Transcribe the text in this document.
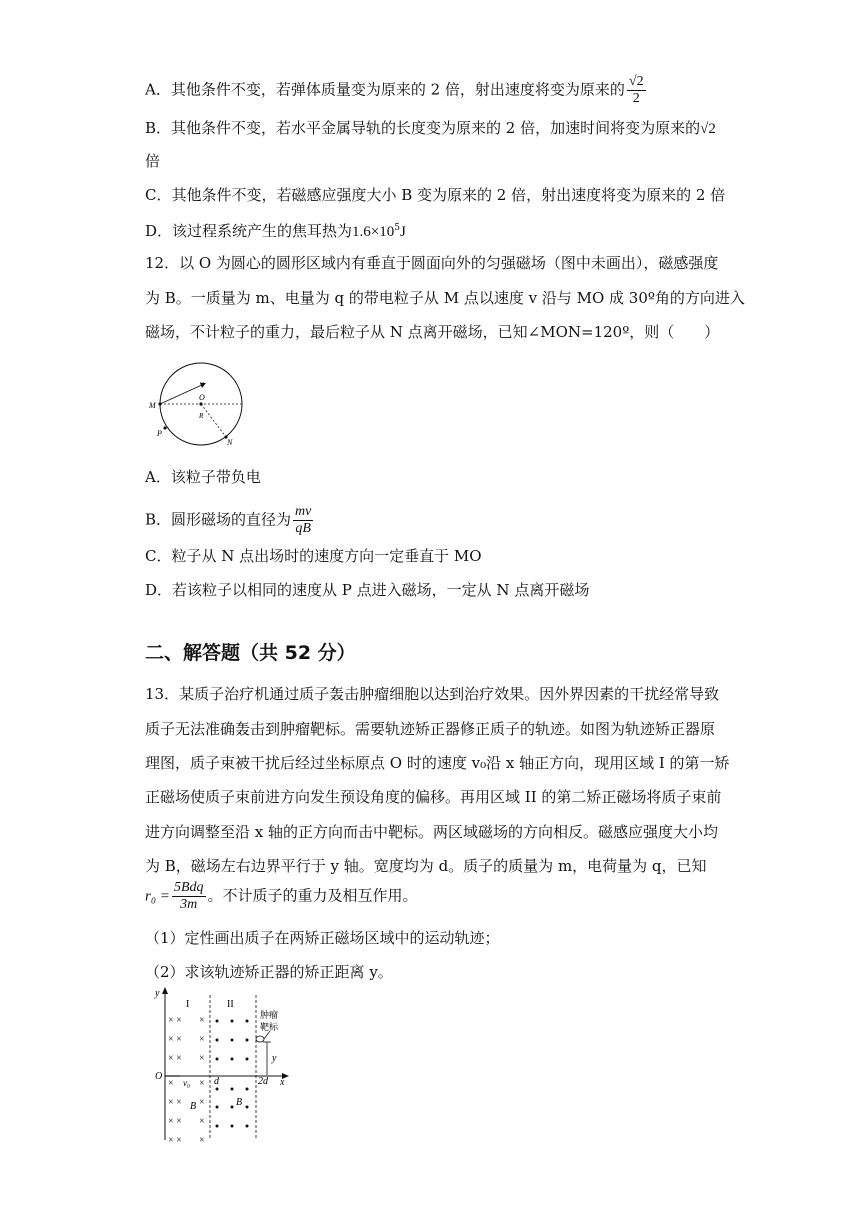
A．其他条件不变，若弹体质量变为原来的 2 倍，射出速度将变为原来的 $\frac{√2}{2}$
B．其他条件不变，若水平金属导轨的长度变为原来的 2 倍，加速时间将变为原来的√2
倍
C．其他条件不变，若磁感应强度大小 B 变为原来的 2 倍，射出速度将变为原来的 2 倍
D．该过程系统产生的焦耳热为$1.6\times 10^5J$
12．以 O 为圆心的圆形区域内有垂直于圆面向外的匀强磁场（图中未画出），磁感强度
为 B。一质量为 m、电量为 q 的带电粒子从 M 点以速度 v 沿与 MO 成 30º角的方向进入
磁场，不计粒子的重力，最后粒子从 N 点离开磁场，已知∠MON=120º，则（　　）
M
O
v
R
P
N
A．该粒子带负电
B．圆形磁场的直径为 $\frac{mv}{qB}$
C．粒子从 N 点出场时的速度方向一定垂直于 MO
D．若该粒子以相同的速度从 P 点进入磁场，一定从 N 点离开磁场
二、解答题（共 52 分）
13．某质子治疗机通过质子轰击肿瘤细胞以达到治疗效果。因外界因素的干扰经常导致
质子无法准确轰击到肿瘤靶标。需要轨迹矫正器修正质子的轨迹。如图为轨迹矫正器原
理图，质子束被干扰后经过坐标原点 O 时的速度 v₀沿 x 轴正方向，现用区域 I 的第一矫
正磁场使质子束前进方向发生预设角度的偏移。再用区域 II 的第二矫正磁场将质子束前
进方向调整至沿 x 轴的正方向而击中靶标。两区域磁场的方向相反。磁感应强度大小均
为 B，磁场左右边界平行于 y 轴。宽度均为 d。质子的质量为 m，电荷量为 q，已知
$r_0 = \frac{\text{5Bdq}}{3m}$ 。不计质子的重力及相互作用。
（1）定性画出质子在两矫正磁场区域中的运动轨迹；
（2）求该轨迹矫正器的矫正距离 y。
y
x
O
I	II
× × ×
× × ×
× × ×
×	×
× × ×
× × ×
× × ×
v₀ d	2d
B	B
肿瘤
靶标
y
